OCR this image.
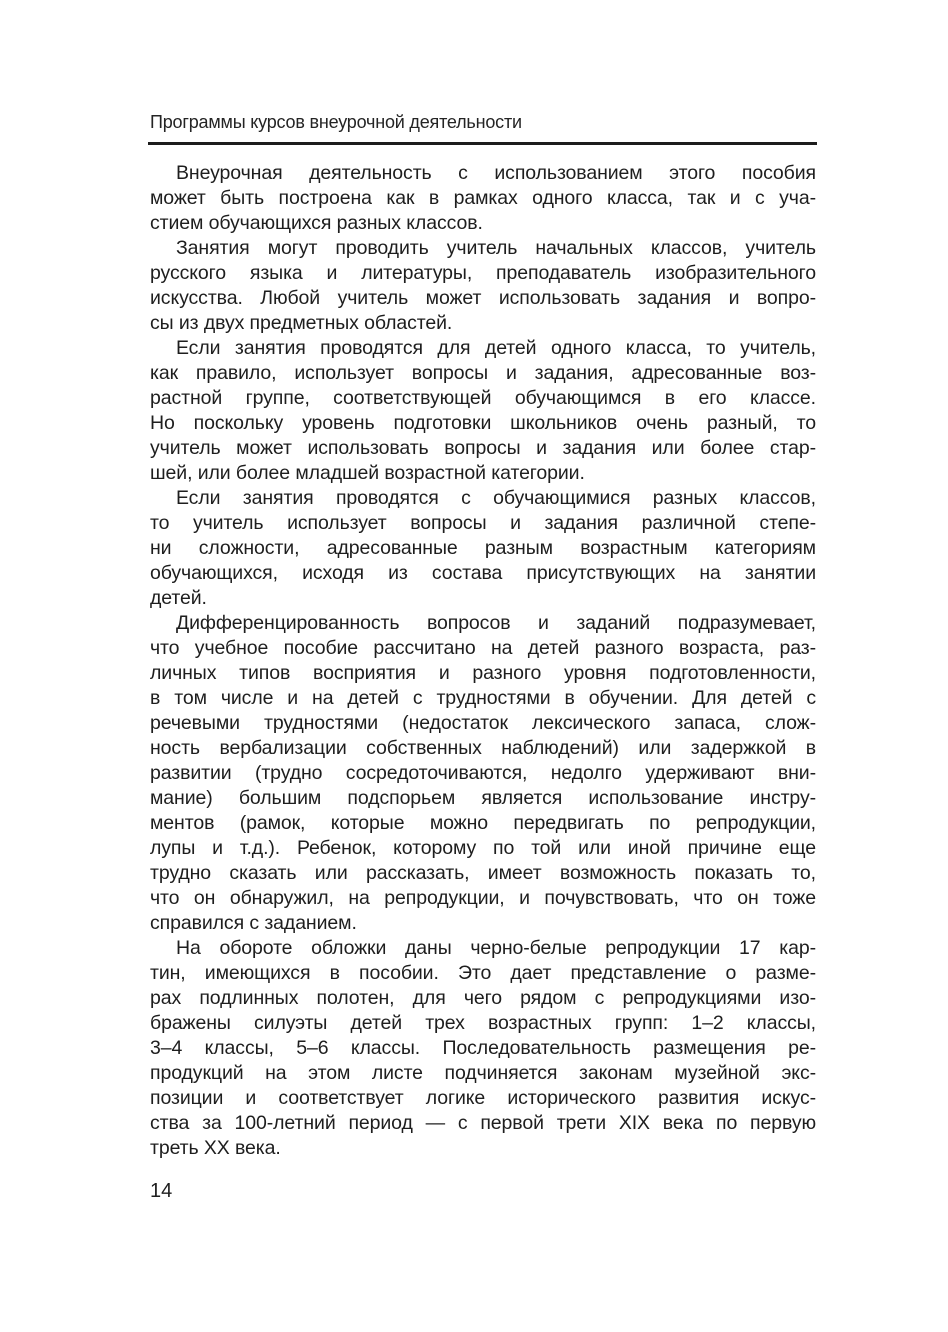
Программы курсов внеурочной деятельности
Внеурочная деятельность с использованием этого пособия
может быть построена как в рамках одного класса, так и с уча-
стием обучающихся разных классов.
Занятия могут проводить учитель начальных классов, учитель
русского языка и литературы, преподаватель изобразительного
искусства. Любой учитель может использовать задания и вопро-
сы из двух предметных областей.
Если занятия проводятся для детей одного класса, то учитель,
как правило, использует вопросы и задания, адресованные воз-
растной группе, соответствующей обучающимся в его классе.
Но поскольку уровень подготовки школьников очень разный, то
учитель может использовать вопросы и задания или более стар-
шей, или более младшей возрастной категории.
Если занятия проводятся с обучающимися разных классов,
то учитель использует вопросы и задания различной степе-
ни сложности, адресованные разным возрастным категориям
обучающихся, исходя из состава присутствующих на занятии
детей.
Дифференцированность вопросов и заданий подразумевает,
что учебное пособие рассчитано на детей разного возраста, раз-
личных типов восприятия и разного уровня подготовленности,
в том числе и на детей с трудностями в обучении. Для детей с
речевыми трудностями (недостаток лексического запаса, слож-
ность вербализации собственных наблюдений) или задержкой в
развитии (трудно сосредоточиваются, недолго удерживают вни-
мание) большим подспорьем является использование инстру-
ментов (рамок, которые можно передвигать по репродукции,
лупы и т.д.). Ребенок, которому по той или иной причине еще
трудно сказать или рассказать, имеет возможность показать то,
что он обнаружил, на репродукции, и почувствовать, что он тоже
справился с заданием.
На обороте обложки даны черно-белые репродукции 17 кар-
тин, имеющихся в пособии. Это дает представление о разме-
рах подлинных полотен, для чего рядом с репродукциями изо-
бражены силуэты детей трех возрастных групп: 1–2 классы,
3–4 классы, 5–6 классы. Последовательность размещения ре-
продукций на этом листе подчиняется законам музейной экс-
позиции и соответствует логике исторического развития искус-
ства за 100-летний период — с первой трети XIX века по первую
треть XX века.
14
